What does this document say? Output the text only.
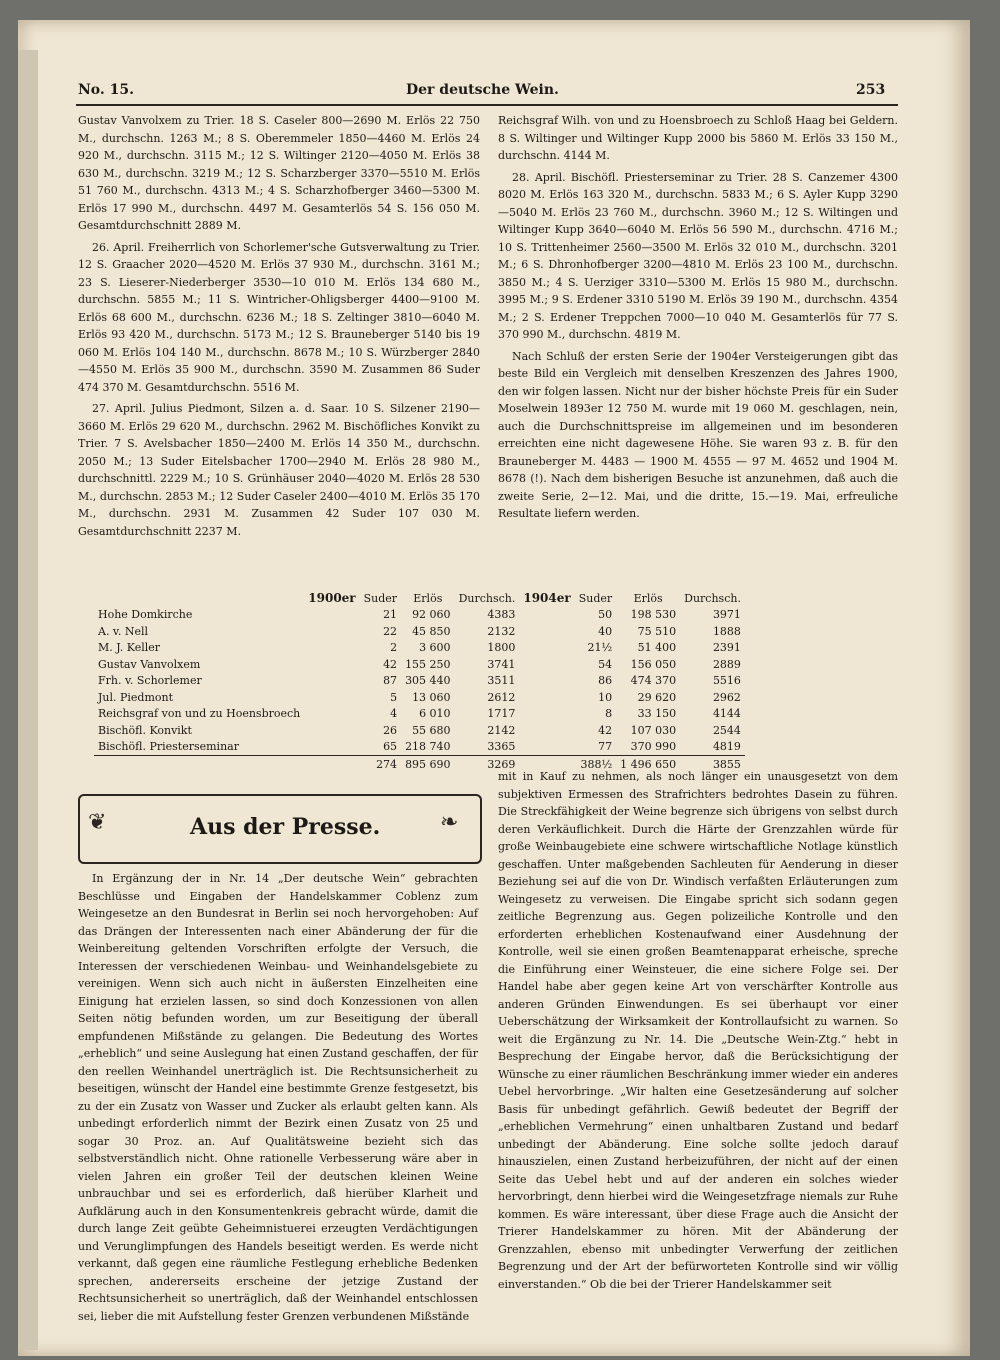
No. 15.	Der deutsche Wein.	253

Gustav Vanvolxem zu Trier. 18 S. Caseler 800—2690 M. Erlös 22 750 M., durchschn. 1263 M.; 8 S. Oberemmeler 1850—4460 M. Erlös 24 920 M., durchschn. 3115 M.; 12 S. Wiltinger 2120—4050 M. Erlös 38 630 M., durchschn. 3219 M.; 12 S. Scharzberger 3370—5510 M. Erlös 51 760 M., durchschn. 4313 M.; 4 S. Scharzhofberger 3460—5300 M. Erlös 17 990 M., durchschn. 4497 M. Gesamterlös 54 S. 156 050 M. Gesamtdurchschnitt 2889 M.

26. April. Freiherrlich von Schorlemer'sche Gutsverwaltung zu Trier. 12 S. Graacher 2020—4520 M. Erlös 37 930 M., durchschn. 3161 M.; 23 S. Lieserer-Niederberger 3530—10 010 M. Erlös 134 680 M., durchschn. 5855 M.; 11 S. Wintricher-Ohligsberger 4400—9100 M. Erlös 68 600 M., durchschn. 6236 M.; 18 S. Zeltinger 3810—6040 M. Erlös 93 420 M., durchschn. 5173 M.; 12 S. Brauneberger 5140 bis 19 060 M. Erlös 104 140 M., durchschn. 8678 M.; 10 S. Würzberger 2840—4550 M. Erlös 35 900 M., durchschn. 3590 M. Zusammen 86 Suder 474 370 M. Gesamtdurchschn. 5516 M.

27. April. Julius Piedmont, Silzen a. d. Saar. 10 S. Silzener 2190—3660 M. Erlös 29 620 M., durchschn. 2962 M. Bischöfliches Konvikt zu Trier. 7 S. Avelsbacher 1850—2400 M. Erlös 14 350 M., durchschn. 2050 M.; 13 Suder Eitelsbacher 1700—2940 M. Erlös 28 980 M., durchschnittl. 2229 M.; 10 S. Grünhäuser 2040—4020 M. Erlös 28 530 M., durchschn. 2853 M.; 12 Suder Caseler 2400—4010 M. Erlös 35 170 M., durchschn. 2931 M. Zusammen 42 Suder 107 030 M. Gesamtdurchschnitt 2237 M.

Reichsgraf Wilh. von und zu Hoensbroech zu Schloß Haag bei Geldern. 8 S. Wiltinger und Wiltinger Kupp 2000 bis 5860 M. Erlös 33 150 M., durchschn. 4144 M.

28. April. Bischöfl. Priesterseminar zu Trier. 28 S. Canzemer 4300 8020 M. Erlös 163 320 M., durchschn. 5833 M.; 6 S. Ayler Kupp 3290—5040 M. Erlös 23 760 M., durchschn. 3960 M.; 12 S. Wiltingen und Wiltinger Kupp 3640—6040 M. Erlös 56 590 M., durchschn. 4716 M.; 10 S. Trittenheimer 2560—3500 M. Erlös 32 010 M., durchschn. 3201 M.; 6 S. Dhronhofberger 3200—4810 M. Erlös 23 100 M., durchschn. 3850 M.; 4 S. Uerziger 3310—5300 M. Erlös 15 980 M., durchschn. 3995 M.; 9 S. Erdener 3310 5190 M. Erlös 39 190 M., durchschn. 4354 M.; 2 S. Erdener Treppchen 7000—10 040 M. Gesamterlös für 77 S. 370 990 M., durchschn. 4819 M.

Nach Schluß der ersten Serie der 1904er Versteigerungen gibt das beste Bild ein Vergleich mit denselben Kreszenzen des Jahres 1900, den wir folgen lassen. Nicht nur der bisher höchste Preis für ein Suder Moselwein 1893er 12 750 M. wurde mit 19 060 M. geschlagen, nein, auch die Durchschnittspreise im allgemeinen und im besonderen erreichten eine nicht dagewesene Höhe. Sie waren 93 z. B. für den Brauneberger M. 4483 — 1900 M. 4555 — 97 M. 4652 und 1904 M. 8678 (!). Nach dem bisherigen Besuche ist anzunehmen, daß auch die zweite Serie, 2—12. Mai, und die dritte, 15.—19. Mai, erfreuliche Resultate liefern werden.

	1900er	Suder	Erlös	Durchsch.	1904er	Suder	Erlös	Durchsch.
Hohe Domkirche		21	92 060	4383		50	198 530	3971
A. v. Nell		22	45 850	2132		40	75 510	1888
M. J. Keller		2	3 600	1800		21½	51 400	2391
Gustav Vanvolxem		42	155 250	3741		54	156 050	2889
Frh. v. Schorlemer		87	305 440	3511		86	474 370	5516
Jul. Piedmont		5	13 060	2612		10	29 620	2962
Reichsgraf von und zu Hoensbroech		4	6 010	1717		8	33 150	4144
Bischöfl. Konvikt		26	55 680	2142		42	107 030	2544
Bischöfl. Priesterseminar		65	218 740	3365		77	370 990	4819
		274	895 690	3269		388½	1 496 650	3855
❦	Aus der Presse.	❧

In Ergänzung der in Nr. 14 „Der deutsche Wein“ gebrachten Beschlüsse und Eingaben der Handelskammer Coblenz zum Weingesetze an den Bundesrat in Berlin sei noch hervorgehoben: Auf das Drängen der Interessenten nach einer Abänderung der für die Weinbereitung geltenden Vorschriften erfolgte der Versuch, die Interessen der verschiedenen Weinbau- und Weinhandelsgebiete zu vereinigen. Wenn sich auch nicht in äußersten Einzelheiten eine Einigung hat erzielen lassen, so sind doch Konzessionen von allen Seiten nötig befunden worden, um zur Beseitigung der überall empfundenen Mißstände zu gelangen. Die Bedeutung des Wortes „erheblich“ und seine Auslegung hat einen Zustand geschaffen, der für den reellen Weinhandel unerträglich ist. Die Rechtsunsicherheit zu beseitigen, wünscht der Handel eine bestimmte Grenze festgesetzt, bis zu der ein Zusatz von Wasser und Zucker als erlaubt gelten kann. Als unbedingt erforderlich nimmt der Bezirk einen Zusatz von 25 und sogar 30 Proz. an. Auf Qualitätsweine bezieht sich das selbstverständlich nicht. Ohne rationelle Verbesserung wäre aber in vielen Jahren ein großer Teil der deutschen kleinen Weine unbrauchbar und sei es erforderlich, daß hierüber Klarheit und Aufklärung auch in den Konsumentenkreis gebracht würde, damit die durch lange Zeit geübte Geheimnistuerei erzeugten Verdächtigungen und Verunglimpfungen des Handels beseitigt werden. Es werde nicht verkannt, daß gegen eine räumliche Festlegung erhebliche Bedenken sprechen, andererseits erscheine der jetzige Zustand der Rechtsunsicherheit so unerträglich, daß der Weinhandel entschlossen sei, lieber die mit Aufstellung fester Grenzen verbundenen Mißstände

mit in Kauf zu nehmen, als noch länger ein unausgesetzt von dem subjektiven Ermessen des Strafrichters bedrohtes Dasein zu führen. Die Streckfähigkeit der Weine begrenze sich übrigens von selbst durch deren Verkäuflichkeit. Durch die Härte der Grenzzahlen würde für große Weinbaugebiete eine schwere wirtschaftliche Notlage künstlich geschaffen. Unter maßgebenden Sachleuten für Aenderung in dieser Beziehung sei auf die von Dr. Windisch verfaßten Erläuterungen zum Weingesetz zu verweisen. Die Eingabe spricht sich sodann gegen zeitliche Begrenzung aus. Gegen polizeiliche Kontrolle und den erforderten erheblichen Kostenaufwand einer Ausdehnung der Kontrolle, weil sie einen großen Beamtenapparat erheische, spreche die Einführung einer Weinsteuer, die eine sichere Folge sei. Der Handel habe aber gegen keine Art von verschärfter Kontrolle aus anderen Gründen Einwendungen. Es sei überhaupt vor einer Ueberschätzung der Wirksamkeit der Kontrollaufsicht zu warnen. So weit die Ergänzung zu Nr. 14. Die „Deutsche Wein-Ztg.“ hebt in Besprechung der Eingabe hervor, daß die Berücksichtigung der Wünsche zu einer räumlichen Beschränkung immer wieder ein anderes Uebel hervorbringe. „Wir halten eine Gesetzesänderung auf solcher Basis für unbedingt gefährlich. Gewiß bedeutet der Begriff der „erheblichen Vermehrung“ einen unhaltbaren Zustand und bedarf unbedingt der Abänderung. Eine solche sollte jedoch darauf hinauszielen, einen Zustand herbeizuführen, der nicht auf der einen Seite das Uebel hebt und auf der anderen ein solches wieder hervorbringt, denn hierbei wird die Weingesetzfrage niemals zur Ruhe kommen. Es wäre interessant, über diese Frage auch die Ansicht der Trierer Handelskammer zu hören. Mit der Abänderung der Grenzzahlen, ebenso mit unbedingter Verwerfung der zeitlichen Begrenzung und der Art der befürworteten Kontrolle sind wir völlig einverstanden.“ Ob die bei der Trierer Handelskammer seit
